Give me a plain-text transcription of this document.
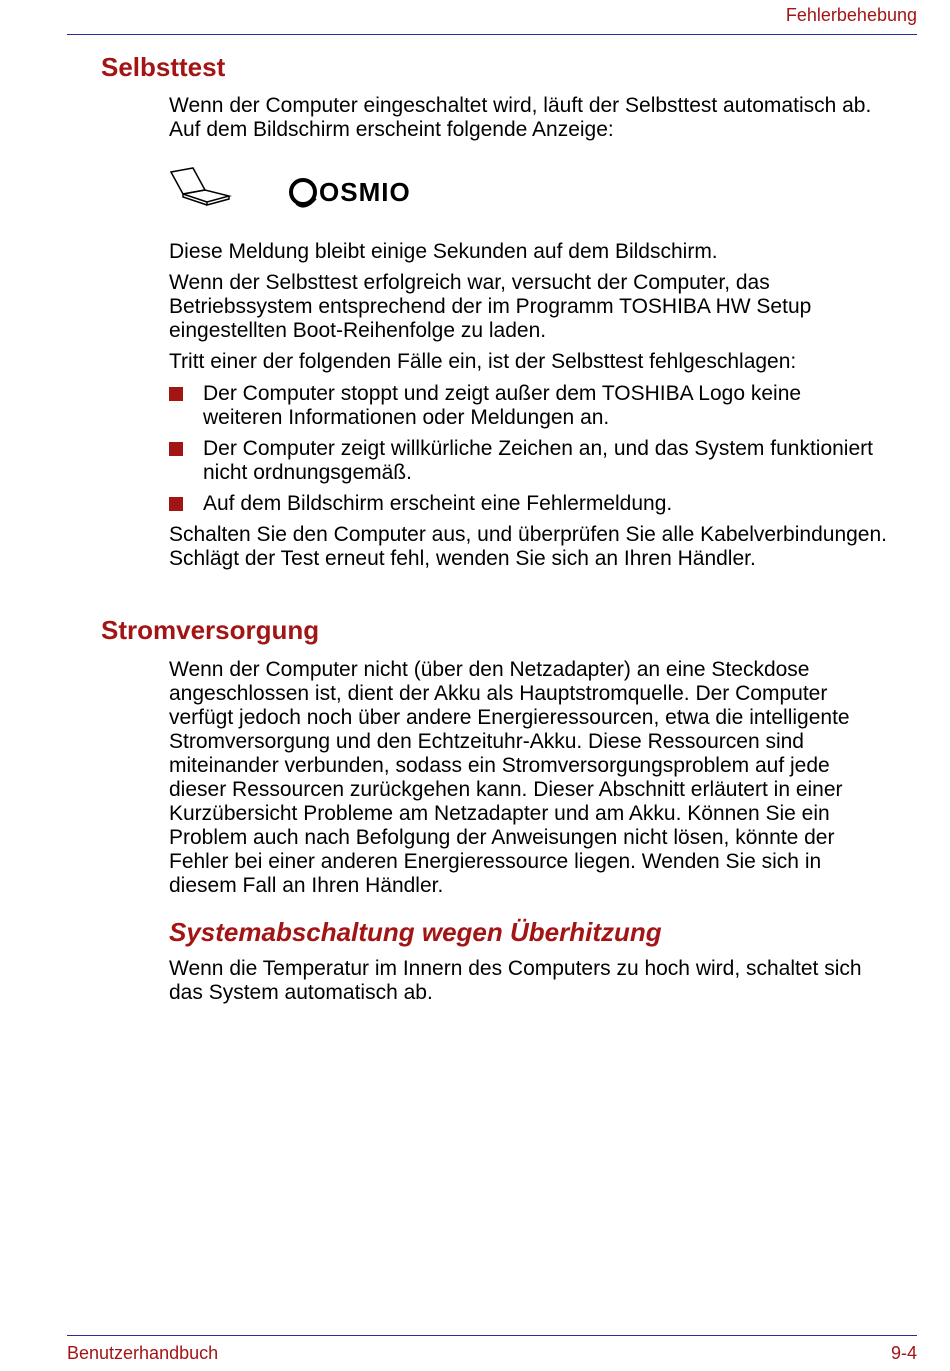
Fehlerbehebung
Selbsttest

Wenn der Computer eingeschaltet wird, läuft der Selbsttest automatisch ab. Auf dem Bildschirm erscheint folgende Anzeige:

OSMIO

Diese Meldung bleibt einige Sekunden auf dem Bildschirm.

Wenn der Selbsttest erfolgreich war, versucht der Computer, das Betriebssystem entsprechend der im Programm TOSHIBA HW Setup eingestellten Boot-Reihenfolge zu laden.

Tritt einer der folgenden Fälle ein, ist der Selbsttest fehlgeschlagen:

Der Computer stoppt und zeigt außer dem TOSHIBA Logo keine weiteren Informationen oder Meldungen an.
Der Computer zeigt willkürliche Zeichen an, und das System funktioniert nicht ordnungsgemäß.
Auf dem Bildschirm erscheint eine Fehlermeldung.

Schalten Sie den Computer aus, und überprüfen Sie alle Kabelverbindungen. Schlägt der Test erneut fehl, wenden Sie sich an Ihren Händler.

Stromversorgung

Wenn der Computer nicht (über den Netzadapter) an eine Steckdose angeschlossen ist, dient der Akku als Hauptstromquelle. Der Computer verfügt jedoch noch über andere Energieressourcen, etwa die intelligente Stromversorgung und den Echtzeituhr-Akku. Diese Ressourcen sind miteinander verbunden, sodass ein Stromversorgungsproblem auf jede dieser Ressourcen zurückgehen kann. Dieser Abschnitt erläutert in einer Kurzübersicht Probleme am Netzadapter und am Akku. Können Sie ein Problem auch nach Befolgung der Anweisungen nicht lösen, könnte der Fehler bei einer anderen Energieressource liegen. Wenden Sie sich in diesem Fall an Ihren Händler.

Systemabschaltung wegen Überhitzung

Wenn die Temperatur im Innern des Computers zu hoch wird, schaltet sich das System automatisch ab.

Benutzerhandbuch	9-4
